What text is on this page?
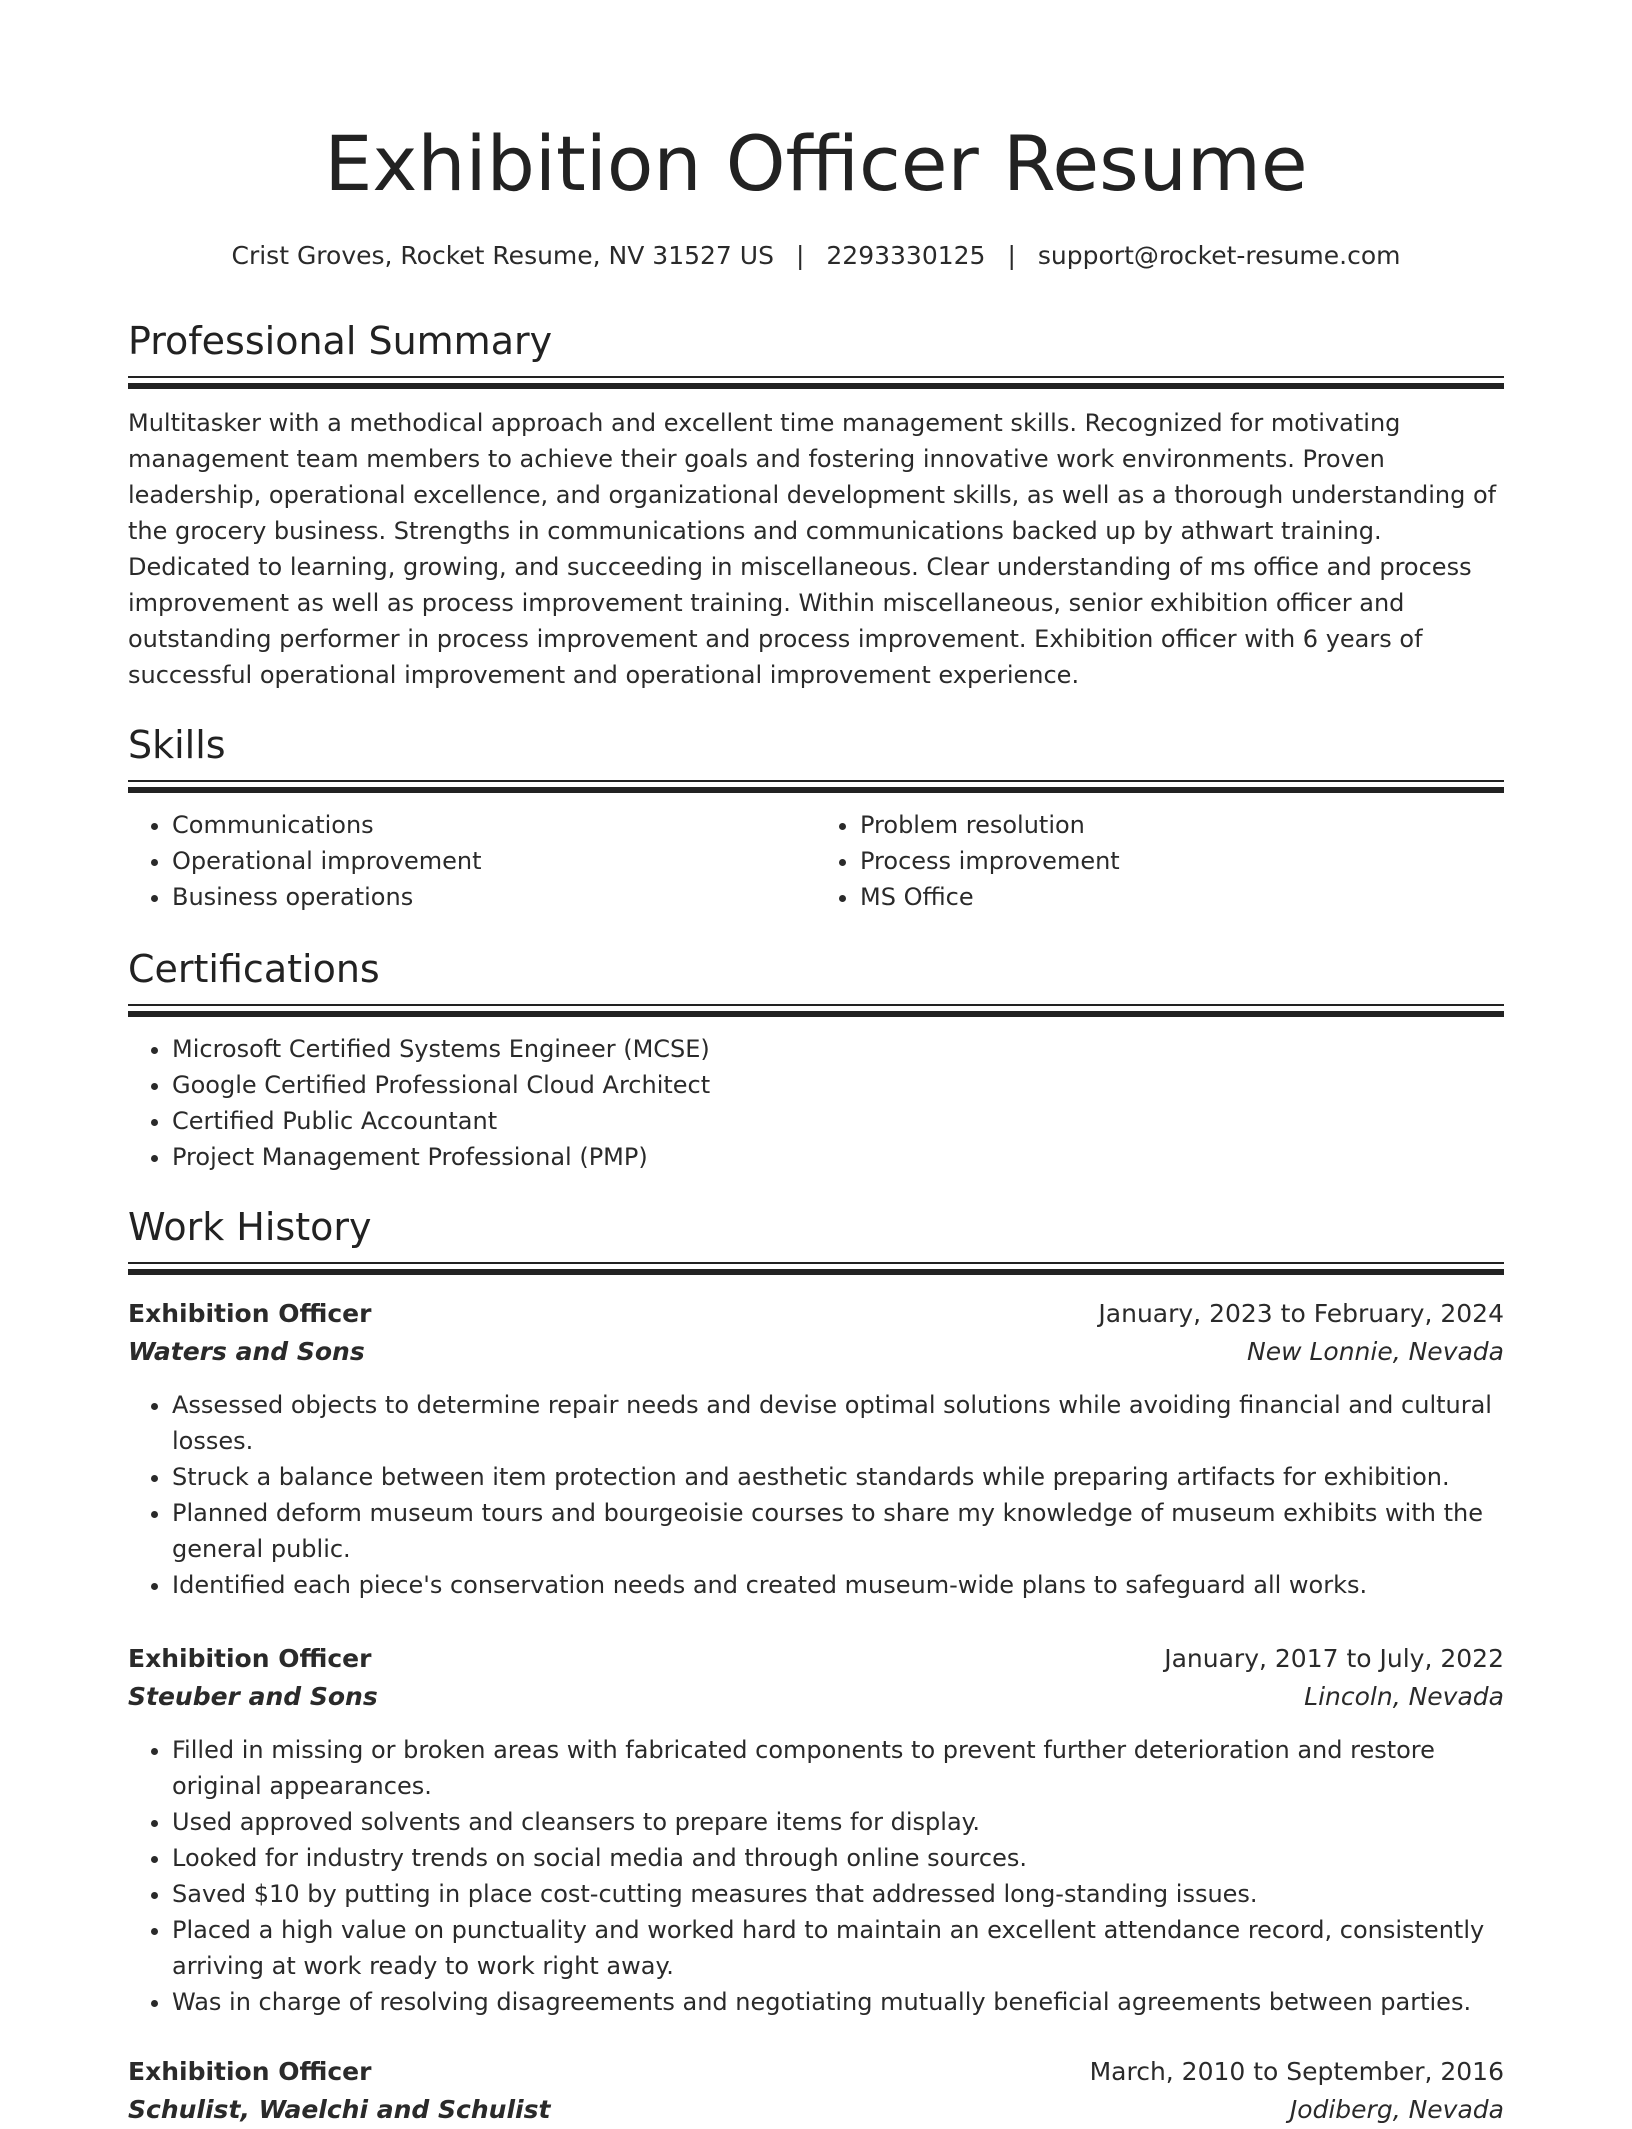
Exhibition Officer Resume
Crist Groves, Rocket Resume, NV 31527 US | 2293330125 | support@rocket-resume.com
Professional Summary

Multitasker with a methodical approach and excellent time management skills. Recognized for motivating management team members to achieve their goals and fostering innovative work environments. Proven leadership, operational excellence, and organizational development skills, as well as a thorough understanding of the grocery business. Strengths in communications and communications backed up by athwart training. Dedicated to learning, growing, and succeeding in miscellaneous. Clear understanding of ms office and process improvement as well as process improvement training. Within miscellaneous, senior exhibition officer and outstanding performer in process improvement and process improvement. Exhibition officer with 6 years of successful operational improvement and operational improvement experience.

Skills
• Communications
• Operational improvement
• Business operations
• Problem resolution
• Process improvement
• MS Office
Certifications
• Microsoft Certified Systems Engineer (MCSE)
• Google Certified Professional Cloud Architect
• Certified Public Accountant
• Project Management Professional (PMP)
Work History
Exhibition Officer	January, 2023 to February, 2024
Waters and Sons	New Lonnie, Nevada
• Assessed objects to determine repair needs and devise optimal solutions while avoiding financial and cultural losses.
• Struck a balance between item protection and aesthetic standards while preparing artifacts for exhibition.
• Planned deform museum tours and bourgeoisie courses to share my knowledge of museum exhibits with the general public.
• Identified each piece's conservation needs and created museum-wide plans to safeguard all works.
Exhibition Officer	January, 2017 to July, 2022
Steuber and Sons	Lincoln, Nevada
• Filled in missing or broken areas with fabricated components to prevent further deterioration and restore original appearances.
• Used approved solvents and cleansers to prepare items for display.
• Looked for industry trends on social media and through online sources.
• Saved $10 by putting in place cost-cutting measures that addressed long-standing issues.
• Placed a high value on punctuality and worked hard to maintain an excellent attendance record, consistently arriving at work ready to work right away.
• Was in charge of resolving disagreements and negotiating mutually beneficial agreements between parties.
Exhibition Officer	March, 2010 to September, 2016
Schulist, Waelchi and Schulist	Jodiberg, Nevada
